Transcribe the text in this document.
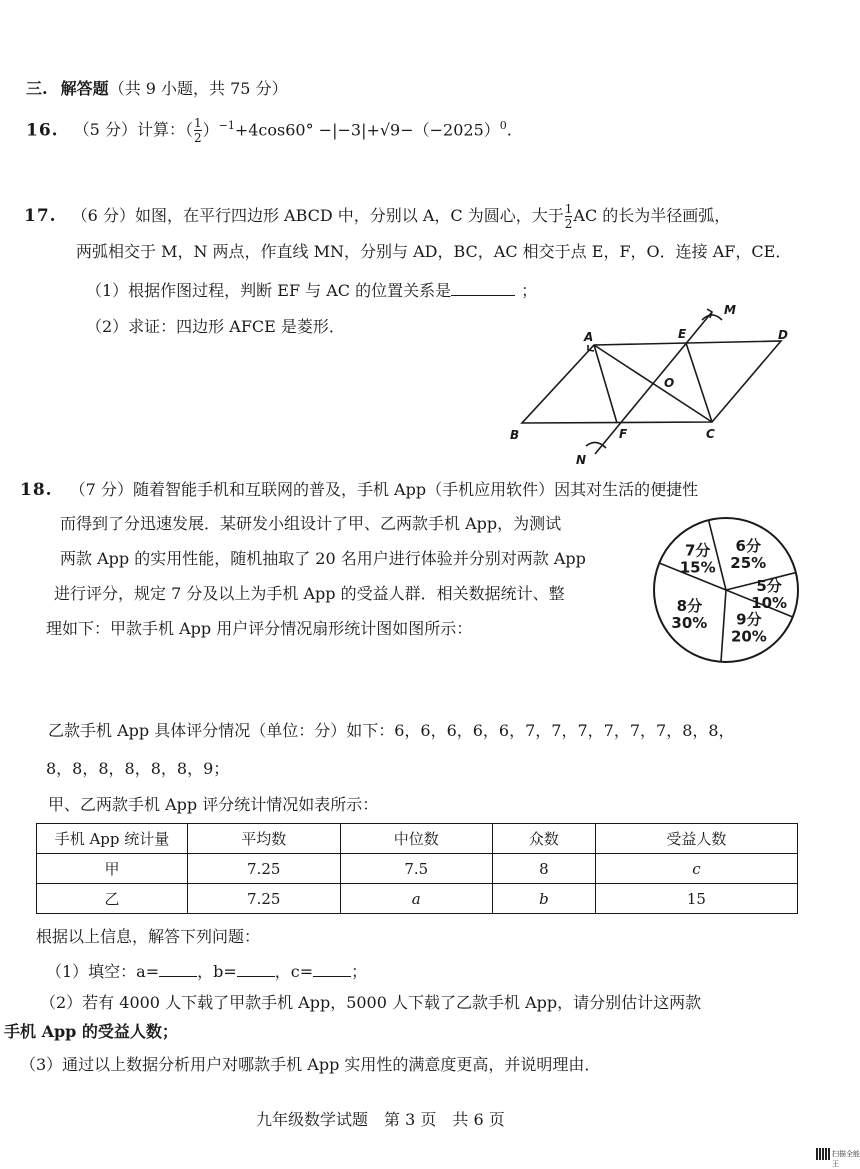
三. 解答题（共 9 小题，共 75 分）
16. （5 分）计算：（ $\frac{1}{2} )^{-1}+4\cos 60^\circ -|-3|+√9-(-2025)^0$.
17. （6 分）如图，在平行四边形 ABCD 中，分别以 A，C 为圆心，大于 $\frac{1}{2}$ AC 的长为半径画弧，
两弧相交于 M，N 两点，作直线 MN，分别与 AD，BC，AC 相交于点 E，F，O．连接 AF，CE．
（1）根据作图过程，判断 EF 与 AC 的位置关系是	；
（2）求证：四边形 AFCE 是菱形．
A
B	C
D
E
F
O
M
N
18. （7 分）随着智能手机和互联网的普及，手机 App（手机应用软件）因其对生活的便捷性
而得到了分迅速发展．某研发小组设计了甲、乙两款手机 App，为测试
两款 App 的实用性能，随机抽取了 20 名用户进行体验并分别对两款 App
进行评分，规定 7 分及以上为手机 App 的受益人群．相关数据统计、整
理如下：甲款手机 App 用户评分情况扇形统计图如图所示：
6分
25%
5分
10%
9分
20%
8分
30%
7分
15%
乙款手机 App 具体评分情况（单位：分）如下：6，6，6，6，6，7，7，7，7，7，7，8，8，
8，8，8，8，8，8，9；
甲、乙两款手机 App 评分统计情况如表所示：
手机 App 统计量	平均数	中位数	众数	受益人数
甲	7.25	7.5	8	c
乙	7.25	a	b	15
根据以上信息，解答下列问题：
（1）填空：a= ，b= ，c= ；
（2）若有 4000 人下载了甲款手机 App，5000 人下载了乙款手机 App，请分别估计这两款
手机 App 的受益人数；
（3）通过以上数据分析用户对哪款手机 App 实用性的满意度更高，并说明理由．
九年级数学试题　第 3 页　共 6 页
扫描全能王
